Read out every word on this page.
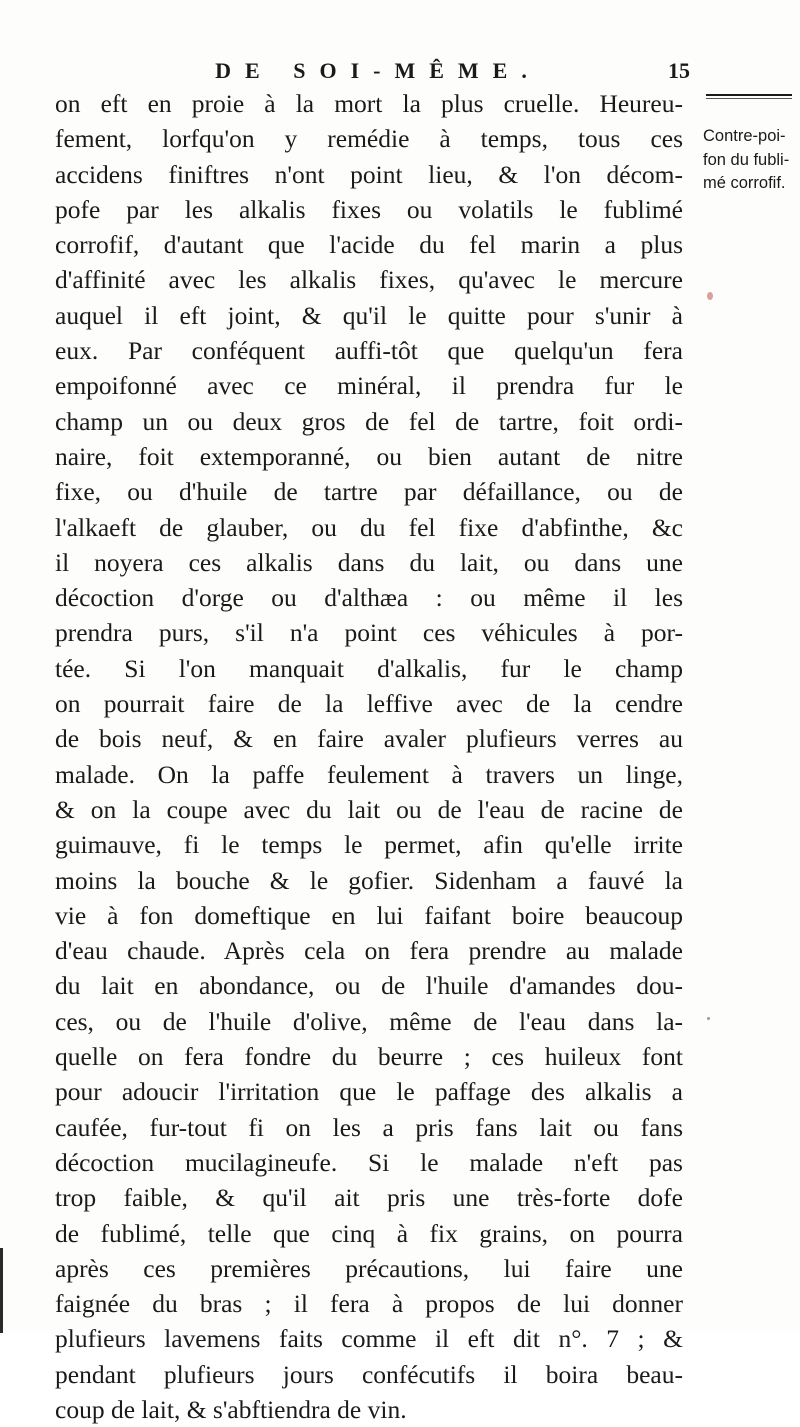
DE SOI-MÊME.	15
Contre-poi-
fon du fubli-
mé corrofif.
on eft en proie à la mort la plus cruelle. Heureu-
fement, lorfqu'on y remédie à temps, tous ces
accidens finiftres n'ont point lieu, & l'on décom-
pofe par les alkalis fixes ou volatils le fublimé
corrofif, d'autant que l'acide du fel marin a plus
d'affinité avec les alkalis fixes, qu'avec le mercure
auquel il eft joint, & qu'il le quitte pour s'unir à
eux. Par conféquent auffi-tôt que quelqu'un fera
empoifonné avec ce minéral, il prendra fur le
champ un ou deux gros de fel de tartre, foit ordi-
naire, foit extemporanné, ou bien autant de nitre
fixe, ou d'huile de tartre par défaillance, ou de
l'alkaeft de glauber, ou du fel fixe d'abfinthe, &c
il noyera ces alkalis dans du lait, ou dans une
décoction d'orge ou d'althæa : ou même il les
prendra purs, s'il n'a point ces véhicules à por-
tée. Si l'on manquait d'alkalis, fur le champ
on pourrait faire de la leffive avec de la cendre
de bois neuf, & en faire avaler plufieurs verres au
malade. On la paffe feulement à travers un linge,
& on la coupe avec du lait ou de l'eau de racine de
guimauve, fi le temps le permet, afin qu'elle irrite
moins la bouche & le gofier. Sidenham a fauvé la
vie à fon domeftique en lui faifant boire beaucoup
d'eau chaude. Après cela on fera prendre au malade
du lait en abondance, ou de l'huile d'amandes dou-
ces, ou de l'huile d'olive, même de l'eau dans la-
quelle on fera fondre du beurre ; ces huileux font
pour adoucir l'irritation que le paffage des alkalis a
caufée, fur-tout fi on les a pris fans lait ou fans
décoction mucilagineufe. Si le malade n'eft pas
trop faible, & qu'il ait pris une très-forte dofe
de fublimé, telle que cinq à fix grains, on pourra
après ces premières précautions, lui faire une
faignée du bras ; il fera à propos de lui donner
plufieurs lavemens faits comme il eft dit n°. 7 ; &
pendant plufieurs jours confécutifs il boira beau-
coup de lait, & s'abftiendra de vin.
